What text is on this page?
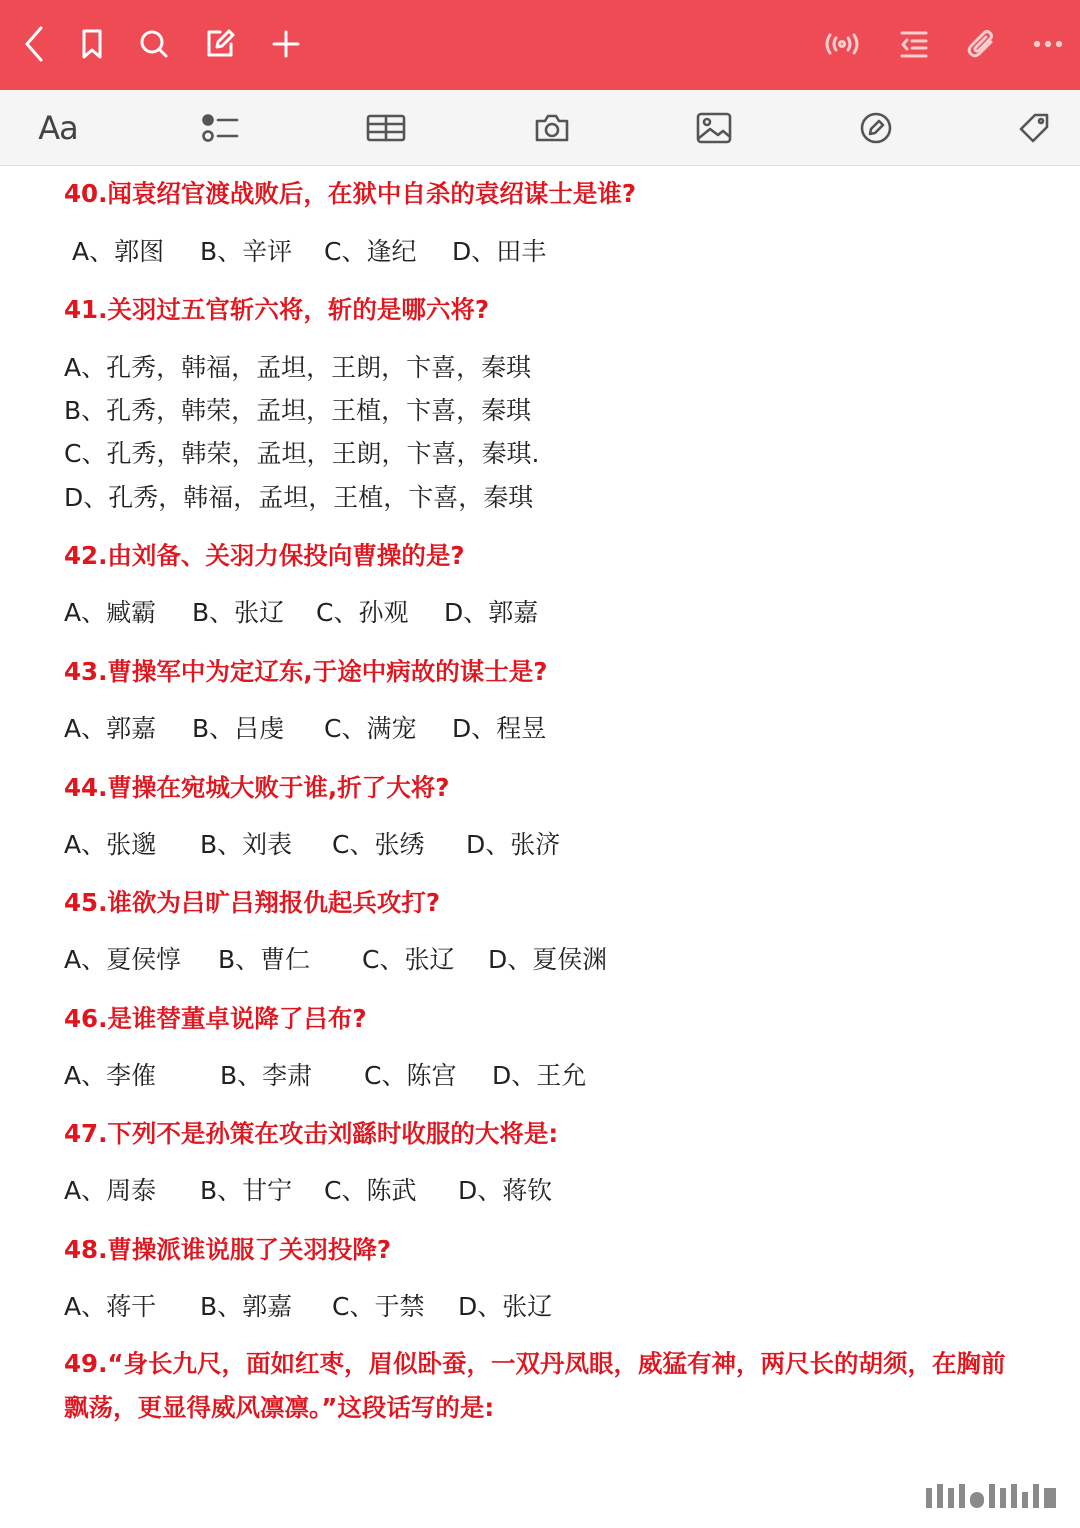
Aa
40.闻袁绍官渡战败后，在狱中自杀的袁绍谋士是谁?
A、郭图 B、辛评 C、逢纪 D、田丰
41.关羽过五官斩六将，斩的是哪六将?
A、孔秀，韩福，孟坦，王朗，卞喜，秦琪
B、孔秀，韩荣，孟坦，王植，卞喜，秦琪
C、孔秀，韩荣，孟坦，王朗，卞喜，秦琪.
D、孔秀，韩福，孟坦，王植，卞喜，秦琪
42.由刘备、关羽力保投向曹操的是?
A、臧霸 B、张辽 C、孙观 D、郭嘉
43.曹操军中为定辽东,于途中病故的谋士是?
A、郭嘉 B、吕虔 C、满宠 D、程昱
44.曹操在宛城大败于谁,折了大将?
A、张邈 B、刘表 C、张绣 D、张济
45.谁欲为吕旷吕翔报仇起兵攻打?
A、夏侯惇 B、曹仁 C、张辽 D、夏侯渊
46.是谁替董卓说降了吕布?
A、李傕	B、李肃 C、陈宫 D、王允
47.下列不是孙策在攻击刘繇时收服的大将是:
A、周泰 B、甘宁 C、陈武 D、蒋钦
48.曹操派谁说服了关羽投降?
A、蒋干 B、郭嘉 C、于禁 D、张辽
49.“身长九尺，面如红枣，眉似卧蚕，一双丹凤眼，威猛有神，两尺长的胡须，在胸前飘荡，更显得威风凛凛。”这段话写的是:
